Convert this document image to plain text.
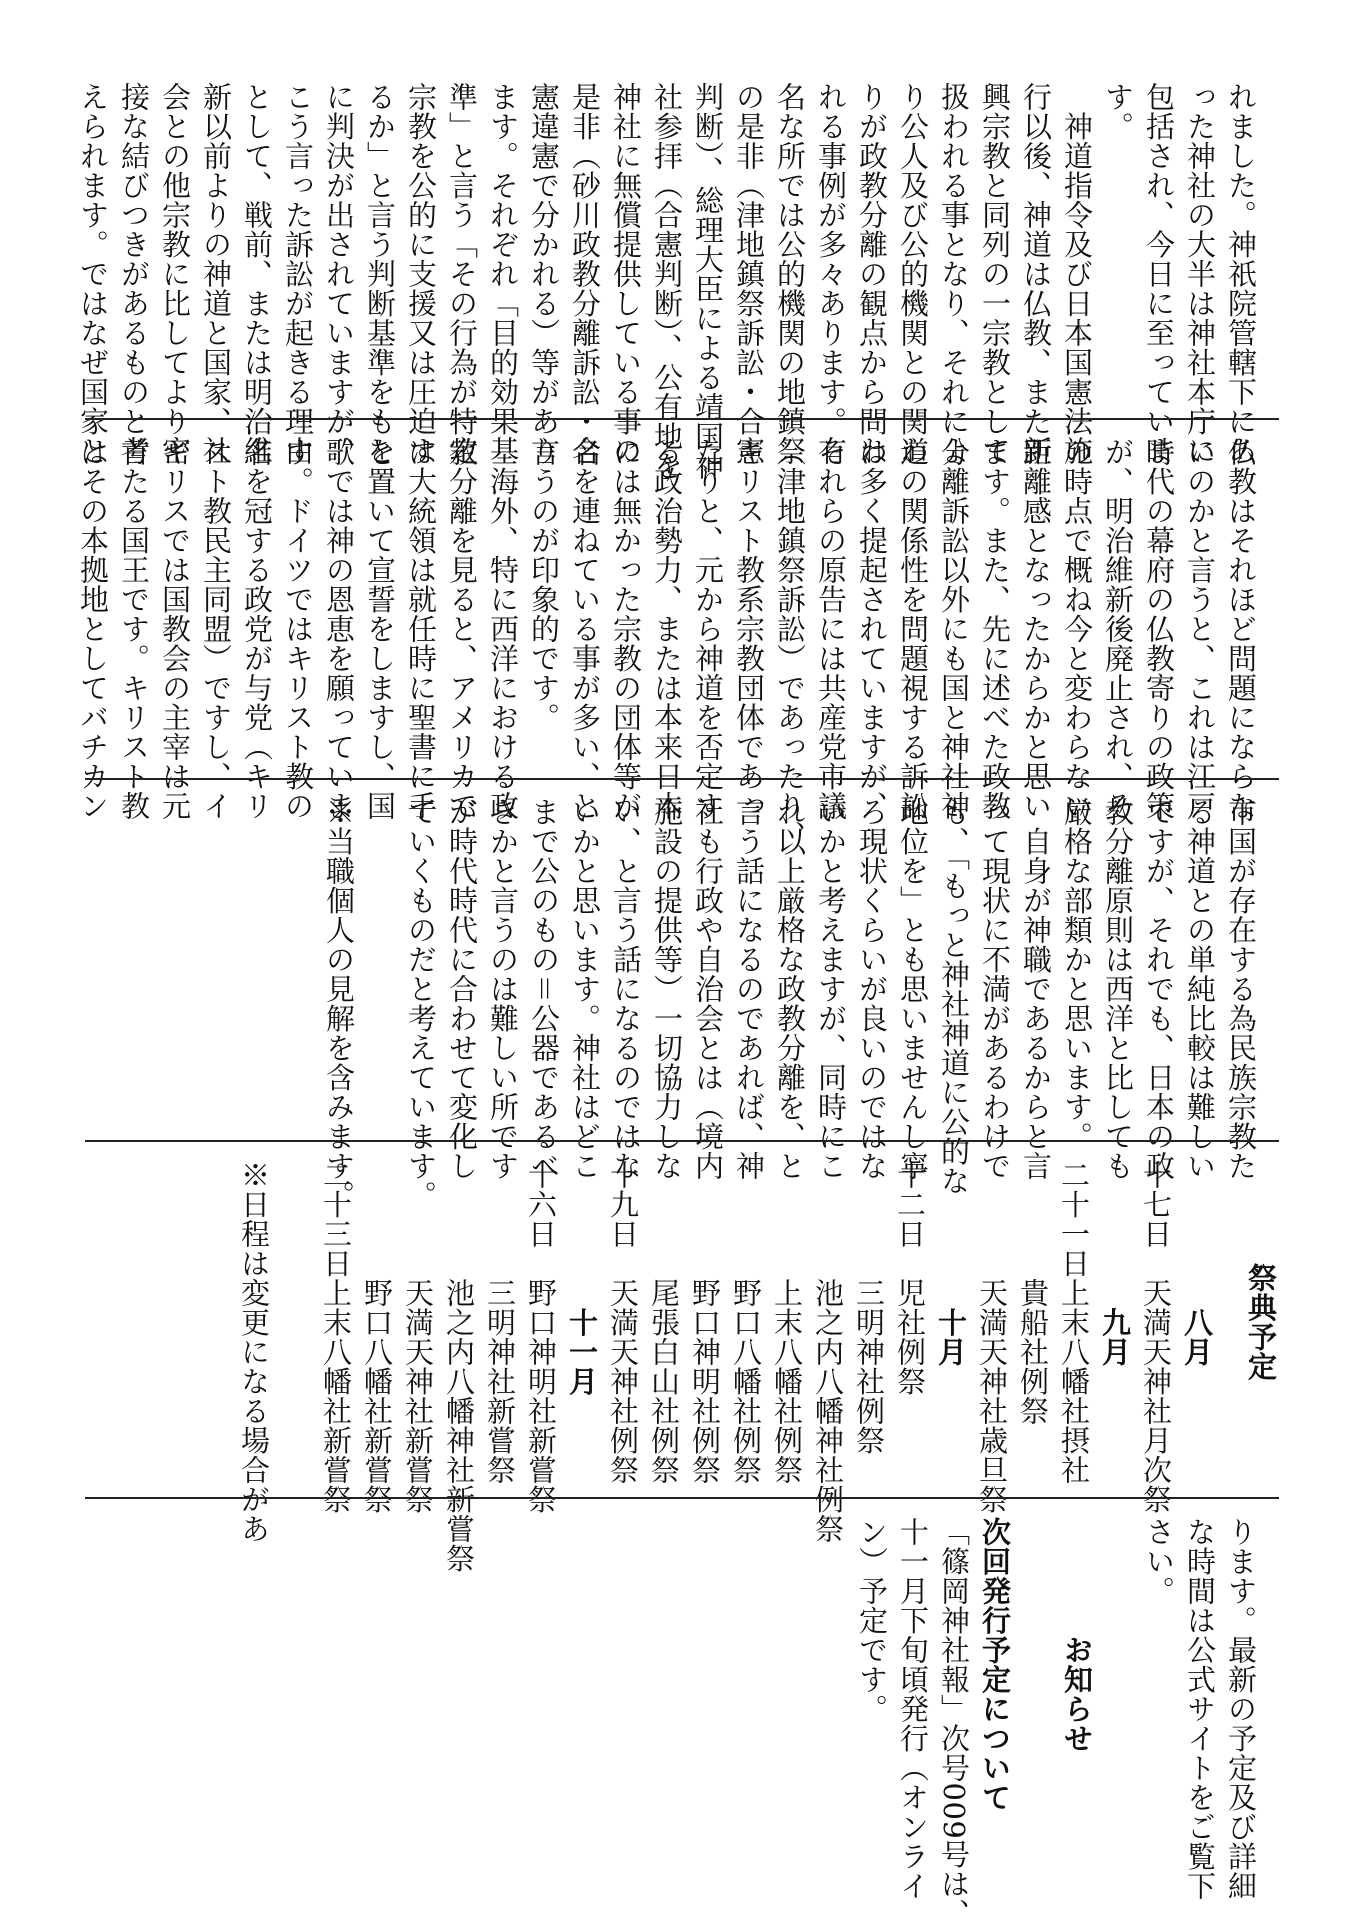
れました。神祇院管轄下にあ
った神社の大半は神社本庁に
包括され、今日に至っていま
す。
　神道指令及び日本国憲法施
行以後、神道は仏教、また新
興宗教と同列の一宗教として
扱われる事となり、それによ
り公人及び公的機関との関わ
りが政教分離の観点から問わ
れる事例が多々あります。有
名な所では公的機関の地鎮祭
の是非（津地鎮祭訴訟・合憲
判断）、総理大臣による靖国神
社参拝（合憲判断）、公有地を
神社に無償提供している事の
是非（砂川政教分離訴訟・合
憲違憲で分かれる）等があり
ます。それぞれ「目的効果基
準」と言う「その行為が特定
宗教を公的に支援又は圧迫す
るか」と言う判断基準をもと
に判決が出されていますが、
こう言った訴訟が起きる理由
として、戦前、または明治維
新以前よりの神道と国家、社
会との他宗教に比してより密
接な結びつきがあるものと考
えられます。ではなぜ国家と
仏教はそれほど問題にならな
いのかと言うと、これは江戸
時代の幕府の仏教寄りの政策
が、明治維新後廃止され、そ
の時点で概ね今と変わらない
距離感となったからかと思い
ます。また、先に述べた政教
分離訴訟以外にも国と神社神
道の関係性を問題視する訴訟
は多く提起されていますが、
それらの原告には共産党市議
（津地鎮祭訴訟）であったり、
キリスト教系宗教団体であっ
たりと、元から神道を否定す
る政治勢力、または本来日本
には無かった宗教の団体等が
名を連ねている事が多い、と
言うのが印象的です。
　海外、特に西洋における政
教分離を見ると、アメリカで
は大統領は就任時に聖書に手
を置いて宣誓をしますし、国
歌では神の恩恵を願っていま
す。ドイツではキリスト教の
名を冠する政党が与党（キリ
スト教民主同盟）ですし、イ
ギリスでは国教会の主宰は元
首たる国王です。キリスト教
はその本拠地としてバチカン
市国が存在する為民族宗教た
る神道との単純比較は難しい
ですが、それでも、日本の政
教分離原則は西洋と比しても
厳格な部類かと思います。
　自身が神職であるからと言
って現状に不満があるわけで
も、「もっと神社神道に公的な
地位を」とも思いませんし寧
ろ現状くらいが良いのではな
いかと考えますが、同時にこ
れ以上厳格な政教分離を、と
言う話になるのであれば、神
社も行政や自治会とは（境内
施設の提供等）一切協力しな
い、と言う話になるのではな
いかと思います。神社はどこ
まで公のもの＝公器であるべ
きかと言うのは難しい所です
が時代時代に合わせて変化し
ていくものだと考えています。
※当職個人の見解を含みます。
祭典予定
　　　　　八月
十七日　天満天神社月次祭
　　　　　九月
二十一日上末八幡社摂社
　　　　貴船社例祭
　　　　天満天神社歳旦祭
　　　　　十月
十二日　児社例祭
　　　　三明神社例祭
　　　　池之内八幡神社例祭
　　　　上末八幡社例祭
　　　　野口八幡社例祭
　　　　野口神明社例祭
　　　　尾張白山社例祭
十九日　天満天神社例祭
　　　　　十一月
十六日　野口神明社新嘗祭
　　　　三明神社新嘗祭
　　　　池之内八幡神社新嘗祭
　　　　天満天神社新嘗祭
　　　　野口八幡社新嘗祭
二十三日上末八幡社新嘗祭
※日程は変更になる場合があ
ります。最新の予定及び詳細
な時間は公式サイトをご覧下
さい。
　　　　お知らせ
次回発行予定について
「篠岡神社報」次号009号は、
十一月下旬頃発行（オンライ
ン）予定です。
